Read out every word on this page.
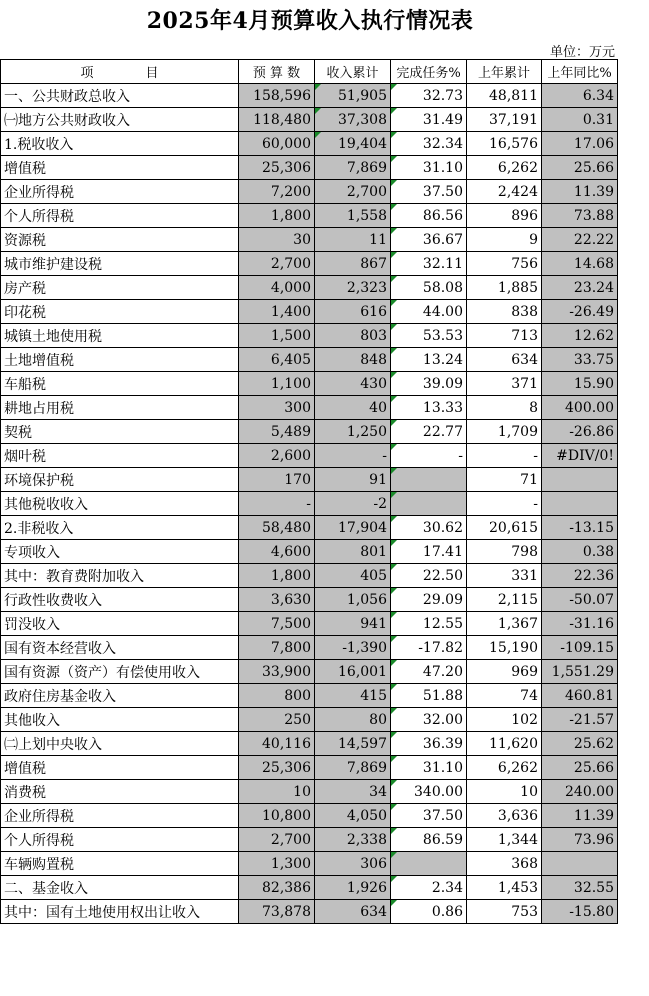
2025年4月预算收入执行情况表
单位：万元
项　　　　目	预 算 数	收入累计	完成任务%	上年累计	上年同比%
一、公共财政总收入	158,596	51,905	32.73	48,811	6.34
㈠地方公共财政收入	118,480	37,308	31.49	37,191	0.31
1.税收收入	60,000	19,404	32.34	16,576	17.06
增值税	25,306	7,869	31.10	6,262	25.66
企业所得税	7,200	2,700	37.50	2,424	11.39
个人所得税	1,800	1,558	86.56	896	73.88
资源税	30	11	36.67	9	22.22
城市维护建设税	2,700	867	32.11	756	14.68
房产税	4,000	2,323	58.08	1,885	23.24
印花税	1,400	616	44.00	838	-26.49
城镇土地使用税	1,500	803	53.53	713	12.62
土地增值税	6,405	848	13.24	634	33.75
车船税	1,100	430	39.09	371	15.90
耕地占用税	300	40	13.33	8	400.00
契税	5,489	1,250	22.77	1,709	-26.86
烟叶税	2,600	-	-	-	#DIV/0!
环境保护税	170	91		71	
其他税收收入	-	-2		-	
2.非税收入	58,480	17,904	30.62	20,615	-13.15
专项收入	4,600	801	17.41	798	0.38
其中：教育费附加收入	1,800	405	22.50	331	22.36
行政性收费收入	3,630	1,056	29.09	2,115	-50.07
罚没收入	7,500	941	12.55	1,367	-31.16
国有资本经营收入	7,800	-1,390	-17.82	15,190	-109.15
国有资源（资产）有偿使用收入	33,900	16,001	47.20	969	1,551.29
政府住房基金收入	800	415	51.88	74	460.81
其他收入	250	80	32.00	102	-21.57
㈡上划中央收入	40,116	14,597	36.39	11,620	25.62
增值税	25,306	7,869	31.10	6,262	25.66
消费税	10	34	340.00	10	240.00
企业所得税	10,800	4,050	37.50	3,636	11.39
个人所得税	2,700	2,338	86.59	1,344	73.96
车辆购置税	1,300	306		368	
二、基金收入	82,386	1,926	2.34	1,453	32.55
其中：国有土地使用权出让收入	73,878	634	0.86	753	-15.80
